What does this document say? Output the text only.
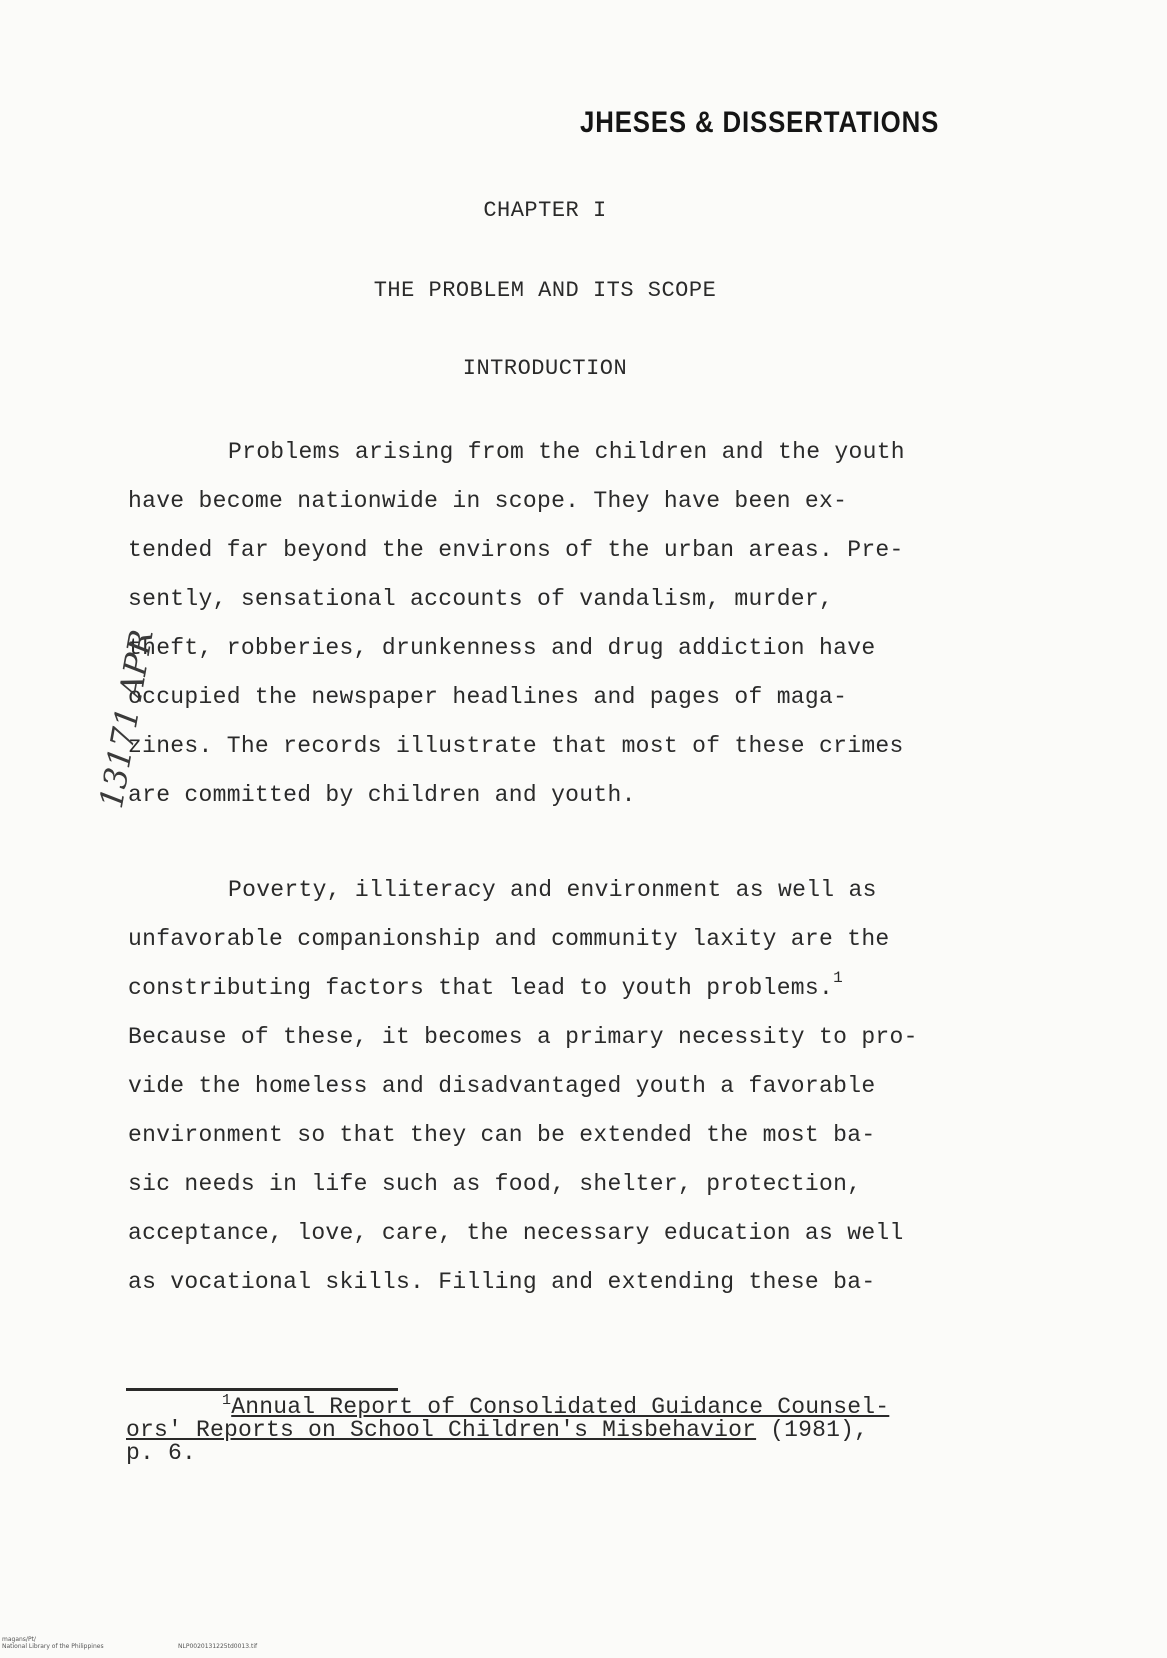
JHESES & DISSERTATIONS
CHAPTER I
THE PROBLEM AND ITS SCOPE
INTRODUCTION
Problems arising from the children and the youth
have become nationwide in scope. They have been ex-
tended far beyond the environs of the urban areas. Pre-
sently, sensational accounts of vandalism, murder,
theft, robberies, drunkenness and drug addiction have
occupied the newspaper headlines and pages of maga-
zines. The records illustrate that most of these crimes
are committed by children and youth.
Poverty, illiteracy and environment as well as
unfavorable companionship and community laxity are the
constributing factors that lead to youth problems.$^1$
Because of these, it becomes a primary necessity to pro-
vide the homeless and disadvantaged youth a favorable
environment so that they can be extended the most ba-
sic needs in life such as food, shelter, protection,
acceptance, love, care, the necessary education as well
as vocational skills. Filling and extending these ba-
$^1$Annual Report of Consolidated Guidance Counsel-
ors' Reports on School Children's Misbehavior (1981),
p. 6.
13171 APR
magans/Pt/
National Library of the Philippines	NLP0020131225td0013.tif
